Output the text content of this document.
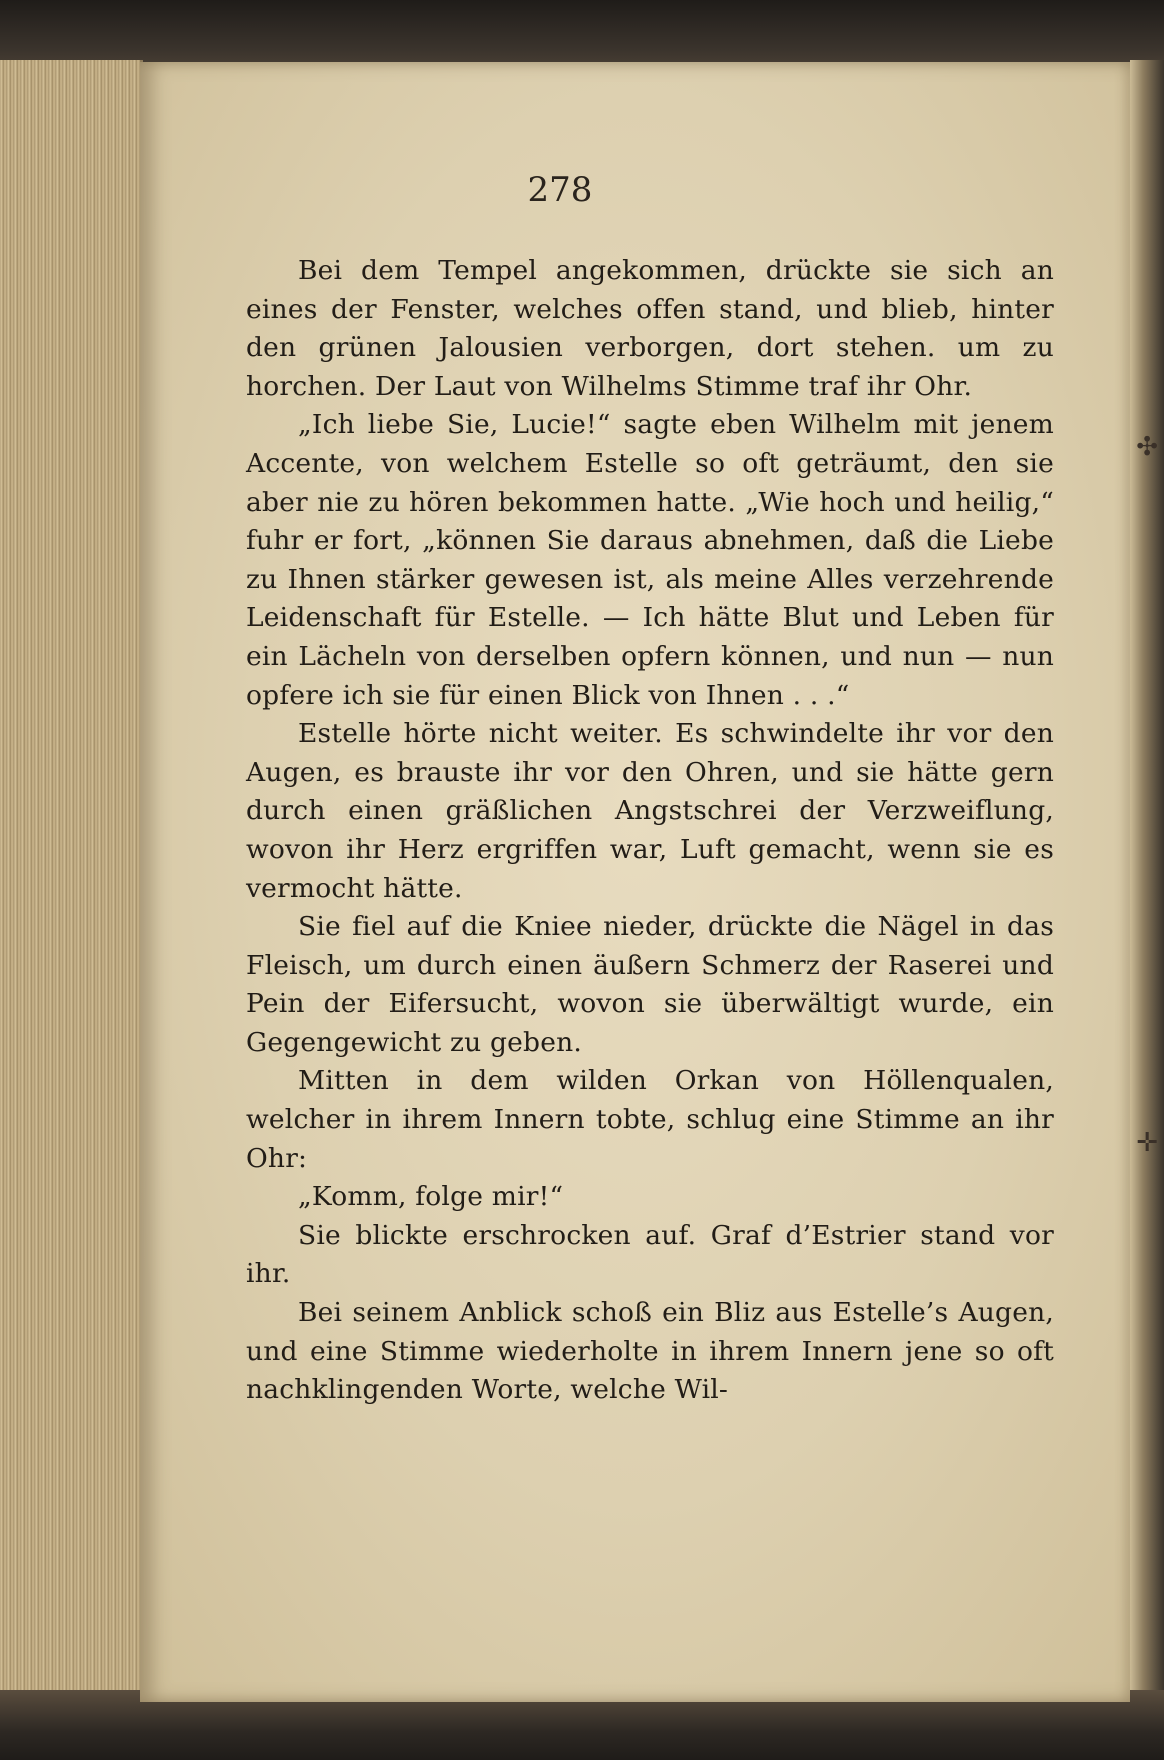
278

Bei dem Tempel angekommen, drückte sie sich an eines der Fenster, welches offen stand, und blieb, hinter den grünen Jalousien verborgen, dort stehen. um zu horchen. Der Laut von Wilhelms Stimme traf ihr Ohr.

„Ich liebe Sie, Lucie!“ sagte eben Wilhelm mit jenem Accente, von welchem Estelle so oft geträumt, den sie aber nie zu hören bekommen hatte. „Wie hoch und heilig,“ fuhr er fort, „können Sie daraus abnehmen, daß die Liebe zu Ihnen stärker gewesen ist, als meine Alles verzehrende Leidenschaft für Estelle. — Ich hätte Blut und Leben für ein Lächeln von derselben opfern können, und nun — nun opfere ich sie für einen Blick von Ihnen . . .“

Estelle hörte nicht weiter. Es schwindelte ihr vor den Augen, es brauste ihr vor den Ohren, und sie hätte gern durch einen gräßlichen Angstschrei der Verzweiflung, wovon ihr Herz ergriffen war, Luft gemacht, wenn sie es vermocht hätte.

Sie fiel auf die Kniee nieder, drückte die Nägel in das Fleisch, um durch einen äußern Schmerz der Raserei und Pein der Eifersucht, wovon sie überwältigt wurde, ein Gegengewicht zu geben.

Mitten in dem wilden Orkan von Höllenqualen, welcher in ihrem Innern tobte, schlug eine Stimme an ihr Ohr:

„Komm, folge mir!“

Sie blickte erschrocken auf. Graf d’Estrier stand vor ihr.

Bei seinem Anblick schoß ein Bliz aus Estelle’s Augen, und eine Stimme wiederholte in ihrem Innern jene so oft nachklingenden Worte, welche Wil-

✣
✛
